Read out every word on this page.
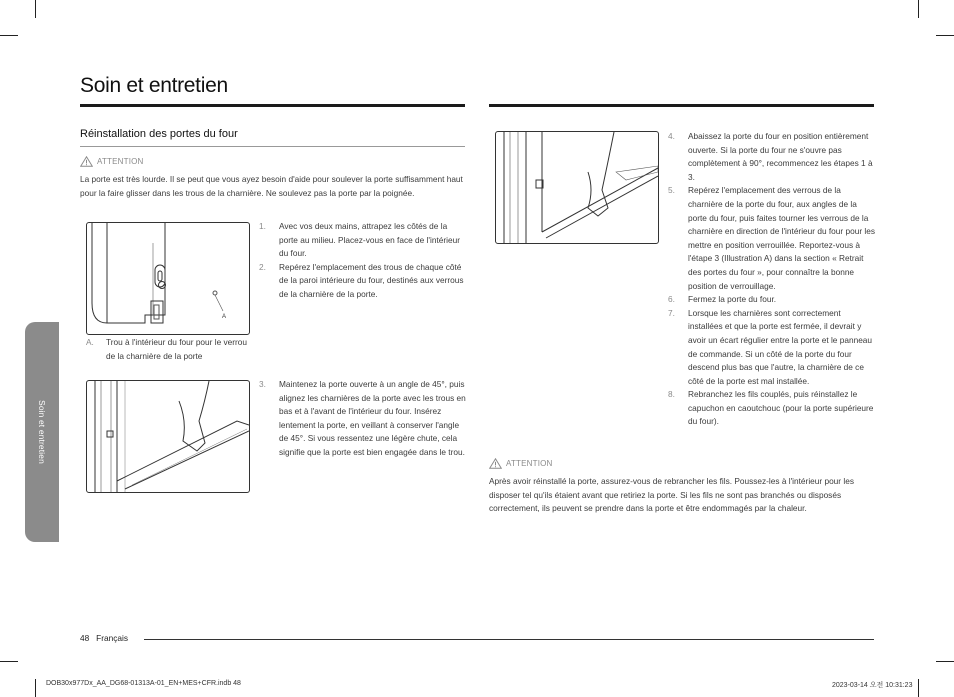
Soin et entretien
Soin et entretien
Réinstallation des portes du four
ATTENTION
La porte est très lourde. Il se peut que vous ayez besoin d'aide pour soulever la porte suffisamment haut pour la faire glisser dans les trous de la charnière. Ne soulevez pas la porte par la poignée.
A
A.	Trou à l'intérieur du four pour le verrou de la charnière de la porte
1.	Avec vos deux mains, attrapez les côtés de la porte au milieu. Placez-vous en face de l'intérieur du four.
2.	Repérez l'emplacement des trous de chaque côté de la paroi intérieure du four, destinés aux verrous de la charnière de la porte.
3.	Maintenez la porte ouverte à un angle de 45°, puis alignez les charnières de la porte avec les trous en bas et à l'avant de l'intérieur du four. Insérez lentement la porte, en veillant à conserver l'angle de 45°. Si vous ressentez une légère chute, cela signifie que la porte est bien engagée dans le trou.
4.	Abaissez la porte du four en position entièrement ouverte. Si la porte du four ne s'ouvre pas complètement à 90°, recommencez les étapes 1 à 3.
5.	Repérez l'emplacement des verrous de la charnière de la porte du four, aux angles de la porte du four, puis faites tourner les verrous de la charnière en direction de l'intérieur du four pour les mettre en position verrouillée. Reportez-vous à l'étape 3 (Illustration A) dans la section « Retrait des portes du four », pour connaître la bonne position de verrouillage.
6.	Fermez la porte du four.
7.	Lorsque les charnières sont correctement installées et que la porte est fermée, il devrait y avoir un écart régulier entre la porte et le panneau de commande. Si un côté de la porte du four descend plus bas que l'autre, la charnière de ce côté de la porte est mal installée.
8.	Rebranchez les fils couplés, puis réinstallez le capuchon en caoutchouc (pour la porte supérieure du four).
ATTENTION
Après avoir réinstallé la porte, assurez-vous de rebrancher les fils. Poussez-les à l'intérieur pour les disposer tel qu'ils étaient avant que retiriez la porte. Si les fils ne sont pas branchés ou disposés correctement, ils peuvent se prendre dans la porte et être endommagés par la chaleur.
48 Français
DOB30x977Dx_AA_DG68-01313A-01_EN+MES+CFR.indb 48	2023-03-14 오전 10:31:23
